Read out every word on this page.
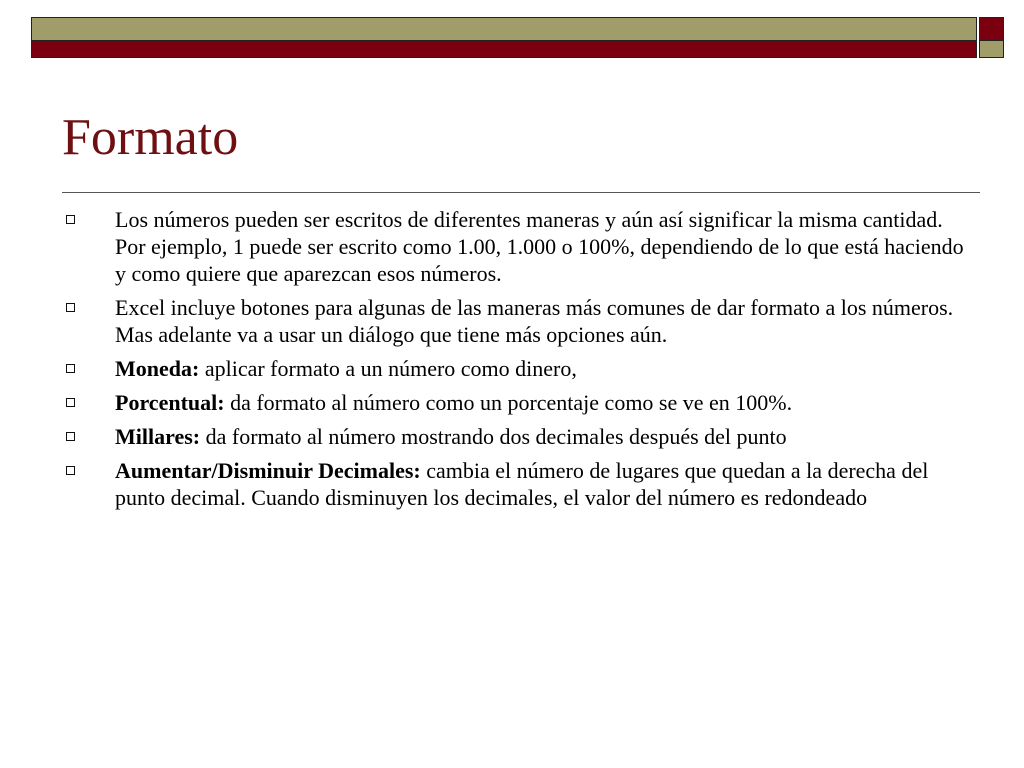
Formato
Los números pueden ser escritos de diferentes maneras y aún así significar la misma cantidad. Por ejemplo, 1 puede ser escrito como 1.00, 1.000 o 100%, dependiendo de lo que está haciendo y como quiere que aparezcan esos números.
Excel incluye botones para algunas de las maneras más comunes de dar formato a los números. Mas adelante va a usar un diálogo que tiene más opciones aún.
Moneda: aplicar formato a un número como dinero,
Porcentual: da formato al número como un porcentaje como se ve en 100%.
Millares: da formato al número mostrando dos decimales después del punto
Aumentar/Disminuir Decimales: cambia el número de lugares que quedan a la derecha del punto decimal. Cuando disminuyen los decimales, el valor del número es redondeado
